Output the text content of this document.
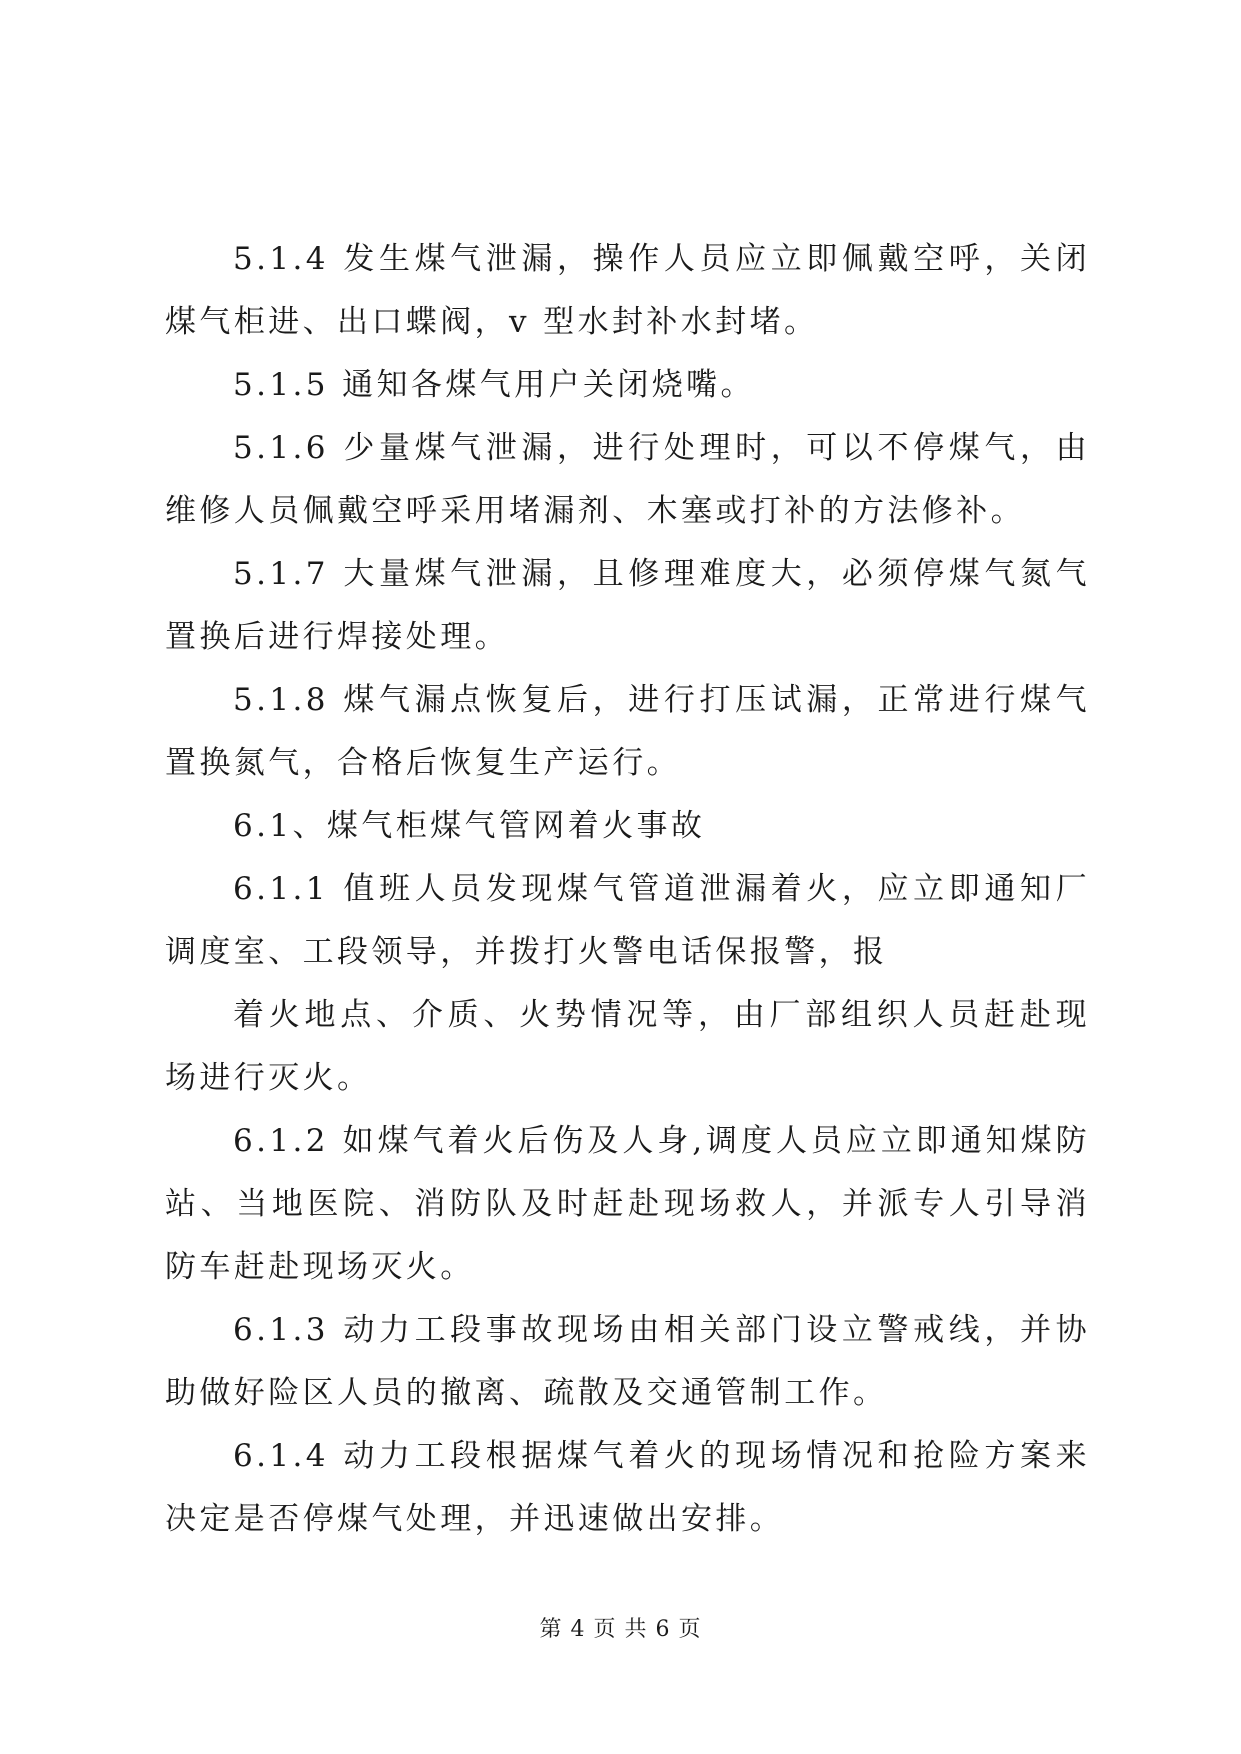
5.1.4 发生煤气泄漏，操作人员应立即佩戴空呼，关闭煤气柜进、出口蝶阀，v 型水封补水封堵。

5.1.5 通知各煤气用户关闭烧嘴。

5.1.6 少量煤气泄漏，进行处理时，可以不停煤气，由维修人员佩戴空呼采用堵漏剂、木塞或打补的方法修补。

5.1.7 大量煤气泄漏，且修理难度大，必须停煤气氮气置换后进行焊接处理。

5.1.8 煤气漏点恢复后，进行打压试漏，正常进行煤气置换氮气，合格后恢复生产运行。

6.1、煤气柜煤气管网着火事故

6.1.1 值班人员发现煤气管道泄漏着火，应立即通知厂调度室、工段领导，并拨打火警电话保报警，报

着火地点、介质、火势情况等，由厂部组织人员赶赴现场进行灭火。

6.1.2 如煤气着火后伤及人身,调度人员应立即通知煤防站、当地医院、消防队及时赶赴现场救人，并派专人引导消防车赶赴现场灭火。

6.1.3 动力工段事故现场由相关部门设立警戒线，并协助做好险区人员的撤离、疏散及交通管制工作。

6.1.4 动力工段根据煤气着火的现场情况和抢险方案来决定是否停煤气处理，并迅速做出安排。

第 4 页 共 6 页
